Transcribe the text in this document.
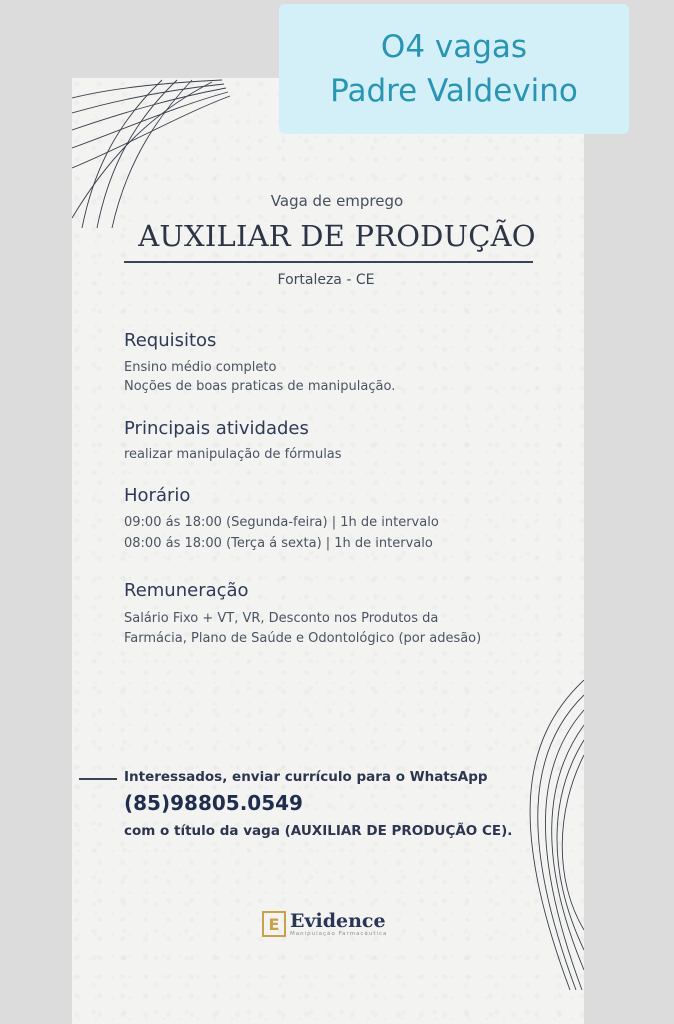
O4 vagas
Padre Valdevino
Vaga de emprego
AUXILIAR DE PRODUÇÃO
Fortaleza - CE
Requisitos
Ensino médio completo
Noções de boas praticas de manipulação.
Principais atividades
realizar manipulação de fórmulas
Horário
09:00 ás 18:00 (Segunda-feira) | 1h de intervalo
08:00 ás 18:00 (Terça á sexta) | 1h de intervalo
Remuneração
Salário Fixo + VT, VR, Desconto nos Produtos da
Farmácia, Plano de Saúde e Odontológico (por adesão)
Interessados, enviar currículo para o WhatsApp
(85)98805.0549
com o título da vaga (AUXILIAR DE PRODUÇÃO CE).
E Evidence
Manipulação Farmacêutica
